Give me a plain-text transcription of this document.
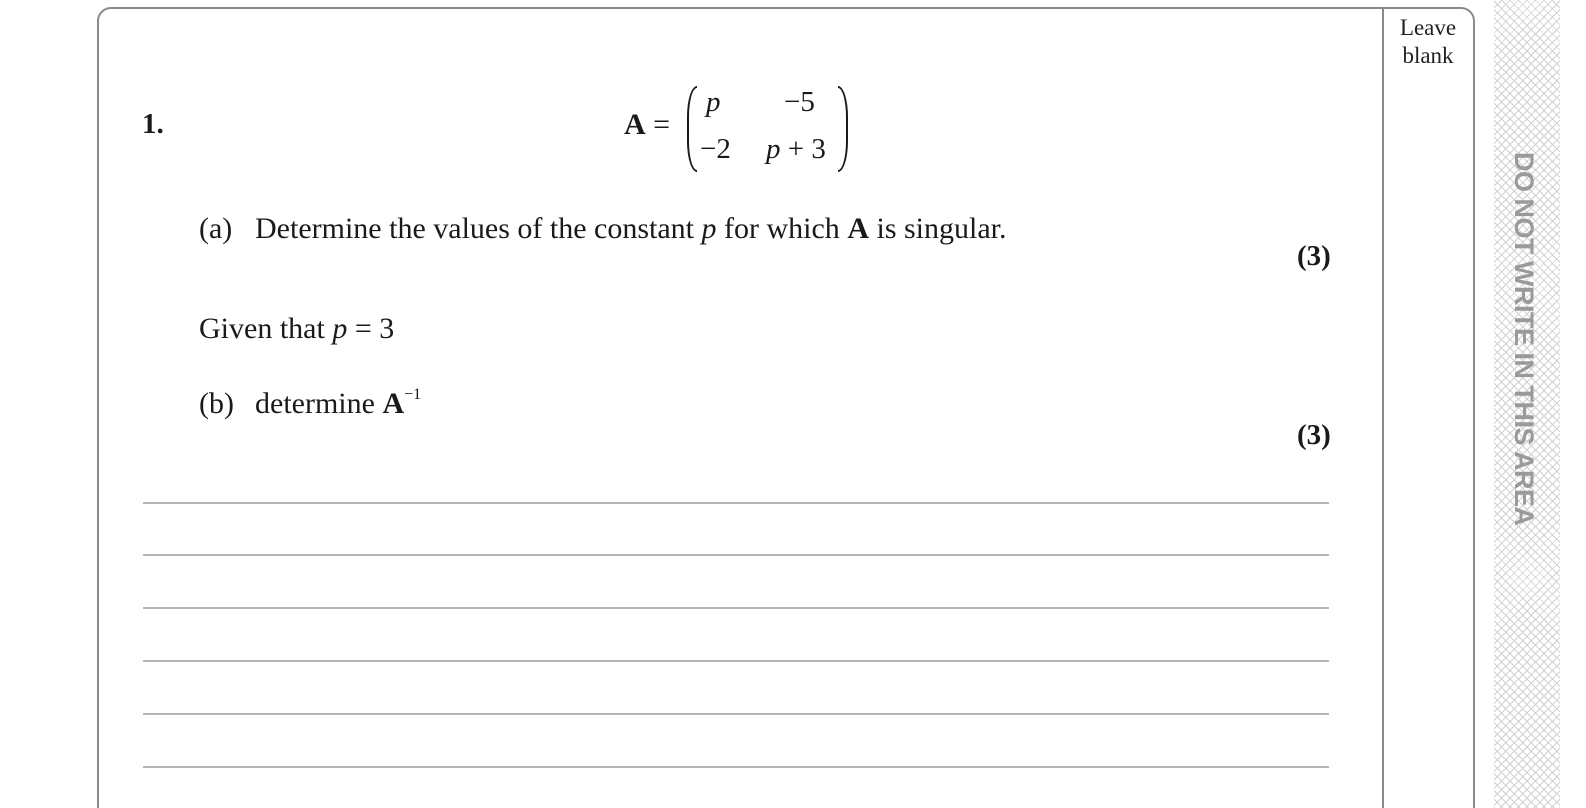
Leave
blank
DO NOT WRITE IN THIS AREA
1.	A =
p −5
−2 p + 3
(a) Determine the values of the constant p for which A is singular.
(3)
Given that p = 3
(b) determine $A^{-1}$
(3)
